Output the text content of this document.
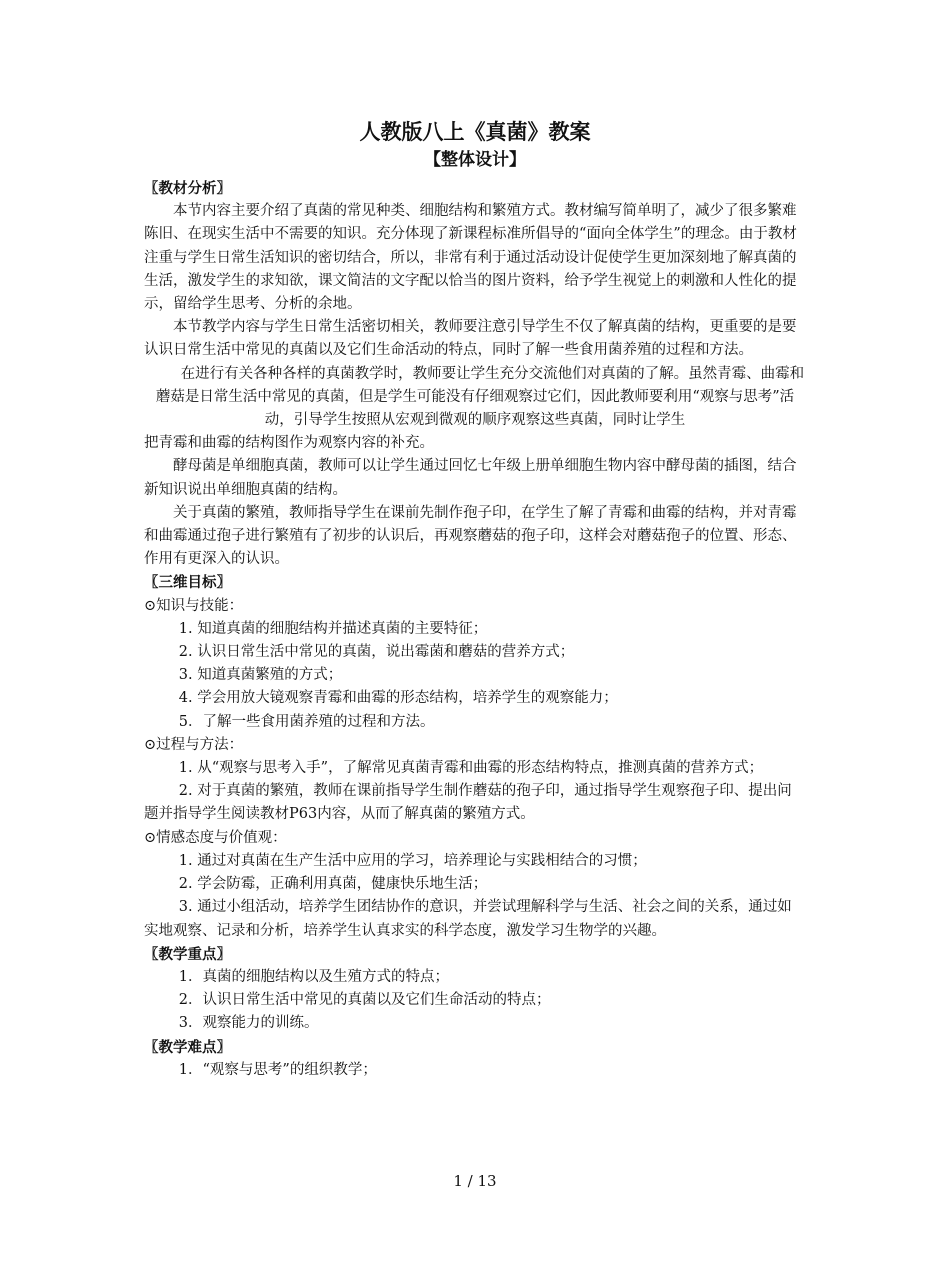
人教版八上《真菌》教案
【整体设计】

〖教材分析〗

本节内容主要介绍了真菌的常见种类、细胞结构和繁殖方式。教材编写简单明了，减少了很多繁难陈旧、在现实生活中不需要的知识。充分体现了新课程标准所倡导的“面向全体学生”的理念。由于教材注重与学生日常生活知识的密切结合，所以，非常有利于通过活动设计促使学生更加深刻地了解真菌的生活，激发学生的求知欲，课文简洁的文字配以恰当的图片资料，给予学生视觉上的刺激和人性化的提示，留给学生思考、分析的余地。

本节教学内容与学生日常生活密切相关，教师要注意引导学生不仅了解真菌的结构，更重要的是要认识日常生活中常见的真菌以及它们生命活动的特点，同时了解一些食用菌养殖的过程和方法。

在进行有关各种各样的真菌教学时，教师要让学生充分交流他们对真菌的了解。虽然青霉、曲霉和蘑菇是日常生活中常见的真菌，但是学生可能没有仔细观察过它们，因此教师要利用“观察与思考”活动，引导学生按照从宏观到微观的顺序观察这些真菌，同时让学生

把青霉和曲霉的结构图作为观察内容的补充。

酵母菌是单细胞真菌，教师可以让学生通过回忆七年级上册单细胞生物内容中酵母菌的插图，结合新知识说出单细胞真菌的结构。

关于真菌的繁殖，教师指导学生在课前先制作孢子印，在学生了解了青霉和曲霉的结构，并对青霉和曲霉通过孢子进行繁殖有了初步的认识后，再观察蘑菇的孢子印，这样会对蘑菇孢子的位置、形态、作用有更深入的认识。

〖三维目标〗

⊙知识与技能：

1. 知道真菌的细胞结构并描述真菌的主要特征；

2. 认识日常生活中常见的真菌，说出霉菌和蘑菇的营养方式；

3. 知道真菌繁殖的方式；

4. 学会用放大镜观察青霉和曲霉的形态结构，培养学生的观察能力；

5．了解一些食用菌养殖的过程和方法。

⊙过程与方法：

1. 从“观察与思考入手”，了解常见真菌青霉和曲霉的形态结构特点，推测真菌的营养方式；

2. 对于真菌的繁殖，教师在课前指导学生制作蘑菇的孢子印，通过指导学生观察孢子印、提出问题并指导学生阅读教材P63内容，从而了解真菌的繁殖方式。

⊙情感态度与价值观：

1. 通过对真菌在生产生活中应用的学习，培养理论与实践相结合的习惯；

2. 学会防霉，正确利用真菌，健康快乐地生活；

3. 通过小组活动，培养学生团结协作的意识，并尝试理解科学与生活、社会之间的关系，通过如实地观察、记录和分析，培养学生认真求实的科学态度，激发学习生物学的兴趣。

〖教学重点〗

1．真菌的细胞结构以及生殖方式的特点；

2．认识日常生活中常见的真菌以及它们生命活动的特点；

3．观察能力的训练。

〖教学难点〗

1．“观察与思考”的组织教学；

1 / 13
